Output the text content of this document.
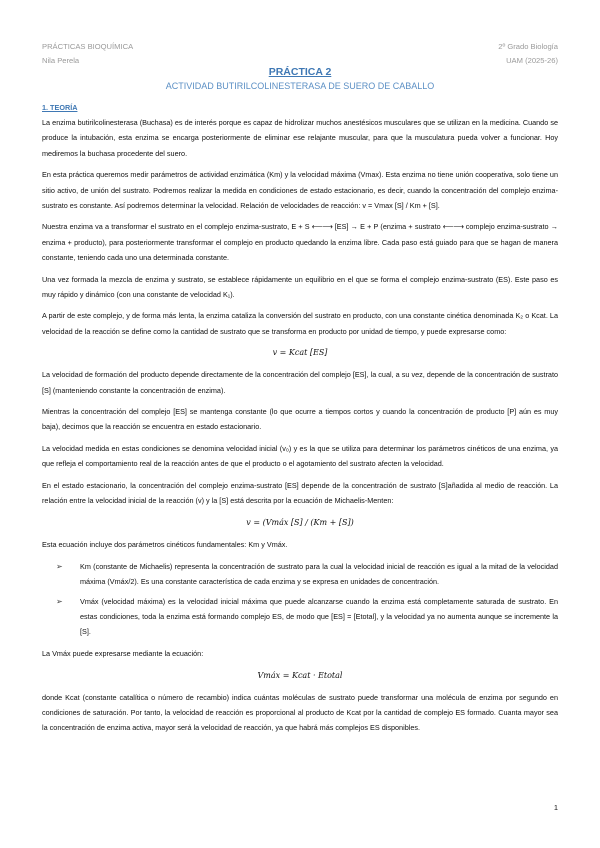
PRÁCTICAS BIOQUÍMICA
Nila Perela
2º Grado Biología
UAM (2025-26)
PRÁCTICA 2
ACTIVIDAD BUTIRILCOLINESTERASA DE SUERO DE CABALLO

1. TEORÍA

La enzima butirilcolinesterasa (Buchasa) es de interés porque es capaz de hidrolizar muchos anestésicos musculares que se utilizan en la medicina. Cuando se produce la intubación, esta enzima se encarga posteriormente de eliminar ese relajante muscular, para que la musculatura pueda volver a funcionar. Hoy mediremos la buchasa procedente del suero.

En esta práctica queremos medir parámetros de actividad enzimática (Km) y la velocidad máxima (Vmax). Esta enzima no tiene unión cooperativa, solo tiene un sitio activo, de unión del sustrato. Podremos realizar la medida en condiciones de estado estacionario, es decir, cuando la concentración del complejo enzima-sustrato es constante. Así podremos determinar la velocidad. Relación de velocidades de reacción: v = Vmax [S] / Km + [S].

Nuestra enzima va a transformar el sustrato en el complejo enzima-sustrato, E + S ⟵⟶ [ES] → E + P (enzima + sustrato ⟵⟶ complejo enzima-sustrato → enzima + producto), para posteriormente transformar el complejo en producto quedando la enzima libre. Cada paso está guiado para que se hagan de manera constante, teniendo cada uno una determinada constante.

Una vez formada la mezcla de enzima y sustrato, se establece rápidamente un equilibrio en el que se forma el complejo enzima-sustrato (ES). Este paso es muy rápido y dinámico (con una constante de velocidad K₁).

A partir de este complejo, y de forma más lenta, la enzima cataliza la conversión del sustrato en producto, con una constante cinética denominada K₂ o Kcat. La velocidad de la reacción se define como la cantidad de sustrato que se transforma en producto por unidad de tiempo, y puede expresarse como:

v = Kcat [ES]

La velocidad de formación del producto depende directamente de la concentración del complejo [ES], la cual, a su vez, depende de la concentración de sustrato [S] (manteniendo constante la concentración de enzima).

Mientras la concentración del complejo [ES] se mantenga constante (lo que ocurre a tiempos cortos y cuando la concentración de producto [P] aún es muy baja), decimos que la reacción se encuentra en estado estacionario.

La velocidad medida en estas condiciones se denomina velocidad inicial (v₀) y es la que se utiliza para determinar los parámetros cinéticos de una enzima, ya que refleja el comportamiento real de la reacción antes de que el producto o el agotamiento del sustrato afecten la velocidad.

En el estado estacionario, la concentración del complejo enzima-sustrato [ES] depende de la concentración de sustrato [S]añadida al medio de reacción. La relación entre la velocidad inicial de la reacción (v) y la [S] está descrita por la ecuación de Michaelis-Menten:

v = (Vmáx [S] / (Km + [S])

Esta ecuación incluye dos parámetros cinéticos fundamentales: Km y Vmáx.

➢ Km (constante de Michaelis) representa la concentración de sustrato para la cual la velocidad inicial de reacción es igual a la mitad de la velocidad máxima (Vmáx/2). Es una constante característica de cada enzima y se expresa en unidades de concentración.
➢ Vmáx (velocidad máxima) es la velocidad inicial máxima que puede alcanzarse cuando la enzima está completamente saturada de sustrato. En estas condiciones, toda la enzima está formando complejo ES, de modo que [ES] = [Etotal], y la velocidad ya no aumenta aunque se incremente la [S].

La Vmáx puede expresarse mediante la ecuación:

Vmáx = Kcat · Etotal

donde Kcat (constante catalítica o número de recambio) indica cuántas moléculas de sustrato puede transformar una molécula de enzima por segundo en condiciones de saturación. Por tanto, la velocidad de reacción es proporcional al producto de Kcat por la cantidad de complejo ES formado. Cuanta mayor sea la concentración de enzima activa, mayor será la velocidad de reacción, ya que habrá más complejos ES disponibles.

1
